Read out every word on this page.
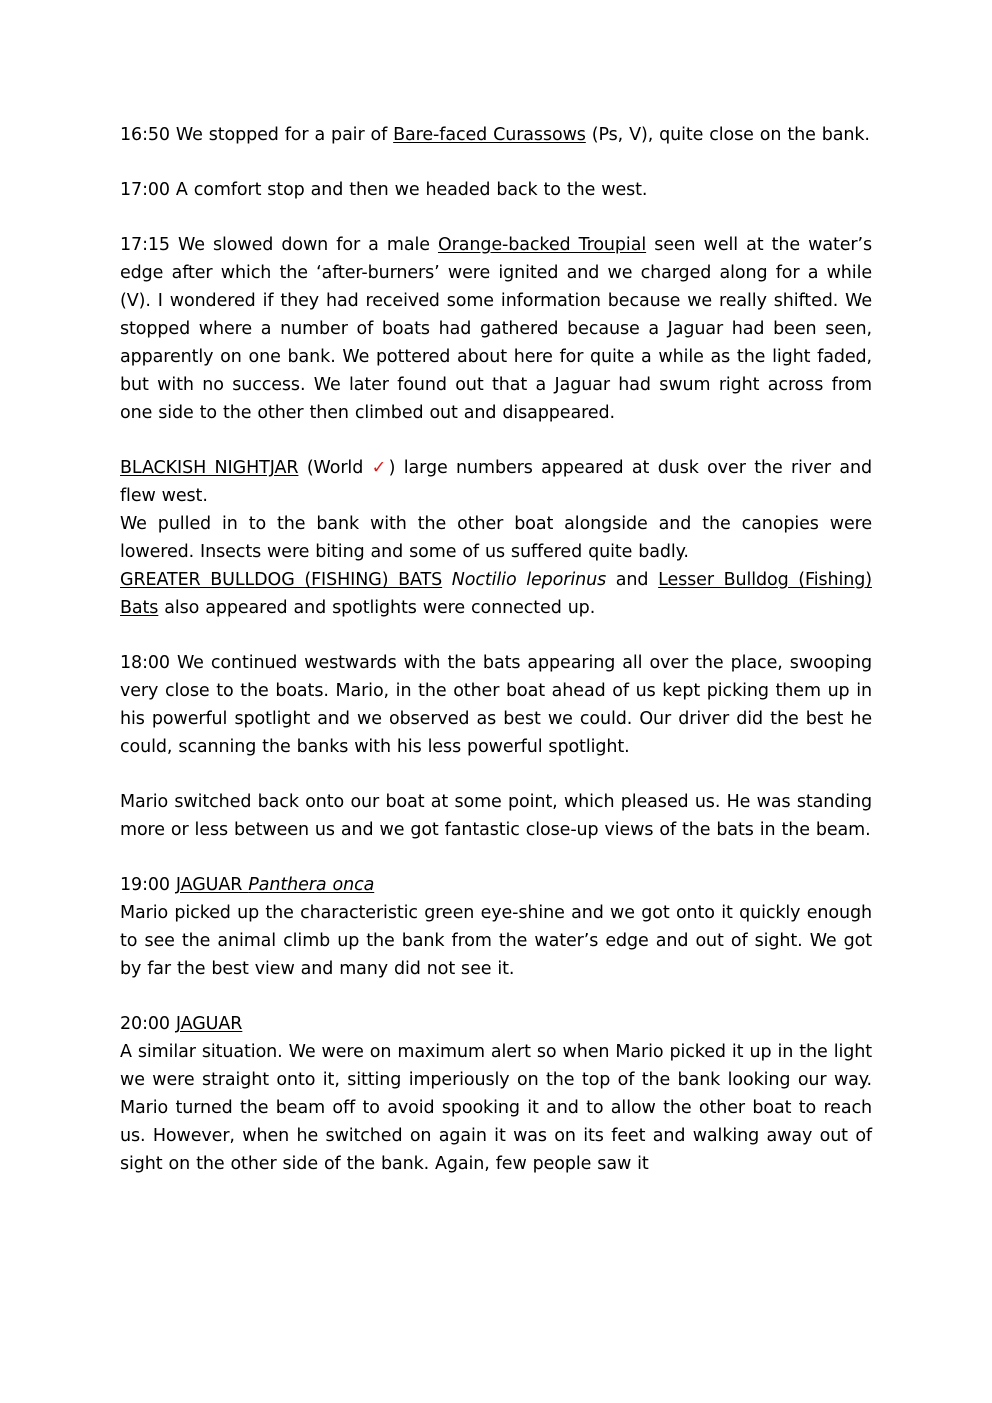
16:50 We stopped for a pair of Bare-faced Curassows (Ps, V), quite close on the bank.

17:00 A comfort stop and then we headed back to the west.

17:15 We slowed down for a male Orange-backed Troupial seen well at the water’s edge after which the ‘after-burners’ were ignited and we charged along for a while (V). I wondered if they had received some information because we really shifted. We stopped where a number of boats had gathered because a Jaguar had been seen, apparently on one bank. We pottered about here for quite a while as the light faded, but with no success. We later found out that a Jaguar had swum right across from one side to the other then climbed out and disappeared.

BLACKISH NIGHTJAR (World ✓) large numbers appeared at dusk over the river and flew west.

We pulled in to the bank with the other boat alongside and the canopies were lowered. Insects were biting and some of us suffered quite badly.

GREATER BULLDOG (FISHING) BATS Noctilio leporinus and Lesser Bulldog (Fishing) Bats also appeared and spotlights were connected up.

18:00 We continued westwards with the bats appearing all over the place, swooping very close to the boats. Mario, in the other boat ahead of us kept picking them up in his powerful spotlight and we observed as best we could. Our driver did the best he could, scanning the banks with his less powerful spotlight.

Mario switched back onto our boat at some point, which pleased us. He was standing more or less between us and we got fantastic close-up views of the bats in the beam.

19:00 JAGUAR Panthera onca
Mario picked up the characteristic green eye-shine and we got onto it quickly enough to see the animal climb up the bank from the water’s edge and out of sight. We got by far the best view and many did not see it.
20:00 JAGUAR
A similar situation. We were on maximum alert so when Mario picked it up in the light we were straight onto it, sitting imperiously on the top of the bank looking our way. Mario turned the beam off to avoid spooking it and to allow the other boat to reach us. However, when he switched on again it was on its feet and walking away out of sight on the other side of the bank. Again, few people saw it
